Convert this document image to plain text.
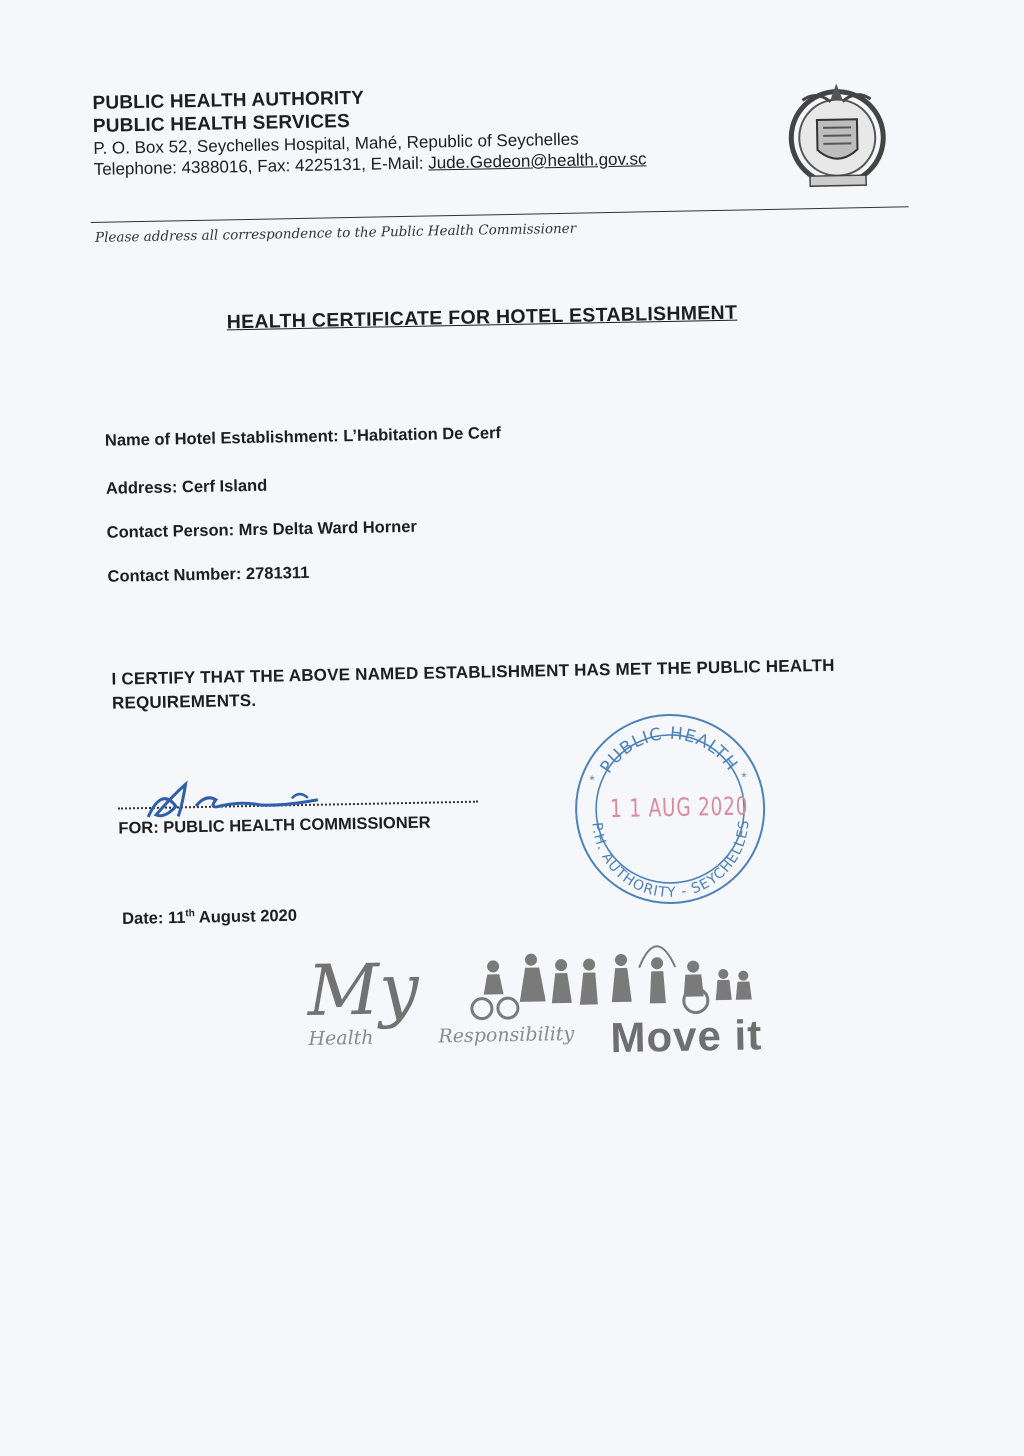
PUBLIC HEALTH AUTHORITY
PUBLIC HEALTH SERVICES
P. O. Box 52, Seychelles Hospital, Mahé, Republic of Seychelles
Telephone: 4388016, Fax: 4225131, E-Mail: Jude.Gedeon@health.gov.sc
Please address all correspondence to the Public Health Commissioner
HEALTH CERTIFICATE FOR HOTEL ESTABLISHMENT
Name of Hotel Establishment: L’Habitation De Cerf
Address: Cerf Island
Contact Person: Mrs Delta Ward Horner
Contact Number: 2781311
I CERTIFY THAT THE ABOVE NAMED ESTABLISHMENT HAS MET THE PUBLIC HEALTH REQUIREMENTS.
FOR: PUBLIC HEALTH COMMISSIONER
Date: 11th August 2020
PUBLIC HEALTH
P.H. AUTHORITY - SEYCHELLES
*	*
1 1 AUG 2020
My
Health	Responsibility Move it
